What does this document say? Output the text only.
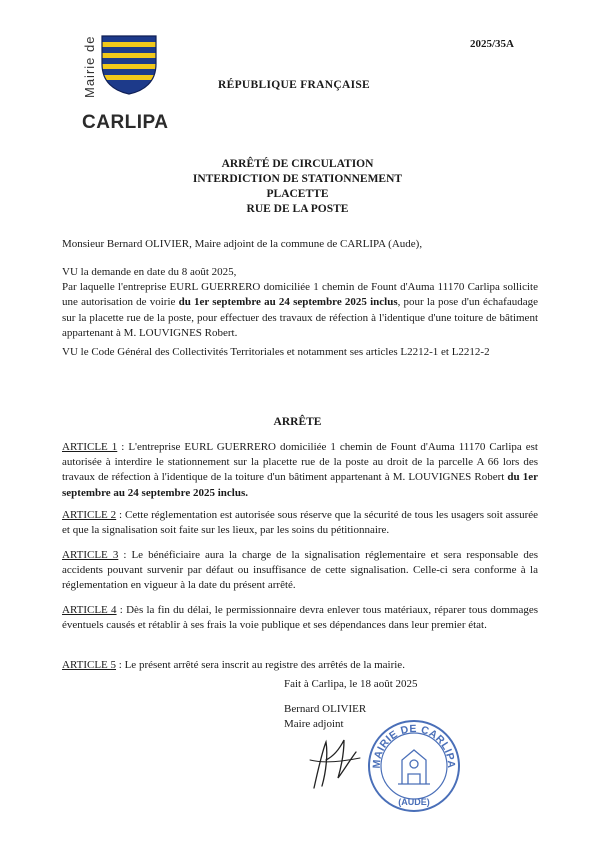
2025/35A
Mairie de
CARLIPA
RÉPUBLIQUE FRANÇAISE
ARRÊTÉ DE CIRCULATION
INTERDICTION DE STATIONNEMENT
PLACETTE
RUE DE LA POSTE
Monsieur Bernard OLIVIER, Maire adjoint de la commune de CARLIPA (Aude),
VU la demande en date du 8 août 2025,
Par laquelle l'entreprise EURL GUERRERO domiciliée 1 chemin de Fount d'Auma 11170 Carlipa sollicite une autorisation de voirie du 1er septembre au 24 septembre 2025 inclus, pour la pose d'un échafaudage sur la placette rue de la poste, pour effectuer des travaux de réfection à l'identique d'une toiture de bâtiment appartenant à M. LOUVIGNES Robert.
VU le Code Général des Collectivités Territoriales et notamment ses articles L2212-1 et L2212-2
ARRÊTE
ARTICLE 1 : L'entreprise EURL GUERRERO domiciliée 1 chemin de Fount d'Auma 11170 Carlipa est autorisée à interdire le stationnement sur la placette rue de la poste au droit de la parcelle A 66 lors des travaux de réfection à l'identique de la toiture d'un bâtiment appartenant à M. LOUVIGNES Robert du 1er septembre au 24 septembre 2025 inclus.
ARTICLE 2 : Cette réglementation est autorisée sous réserve que la sécurité de tous les usagers soit assurée et que la signalisation soit faite sur les lieux, par les soins du pétitionnaire.
ARTICLE 3 : Le bénéficiaire aura la charge de la signalisation réglementaire et sera responsable des accidents pouvant survenir par défaut ou insuffisance de cette signalisation. Celle-ci sera conforme à la réglementation en vigueur à la date du présent arrêté.
ARTICLE 4 : Dès la fin du délai, le permissionnaire devra enlever tous matériaux, réparer tous dommages éventuels causés et rétablir à ses frais la voie publique et ses dépendances dans leur premier état.
ARTICLE 5 : Le présent arrêté sera inscrit au registre des arrêtés de la mairie.
Fait à Carlipa, le 18 août 2025
Bernard OLIVIER
Maire adjoint
MAIRIE DE CARLIPA
(AUDE)
